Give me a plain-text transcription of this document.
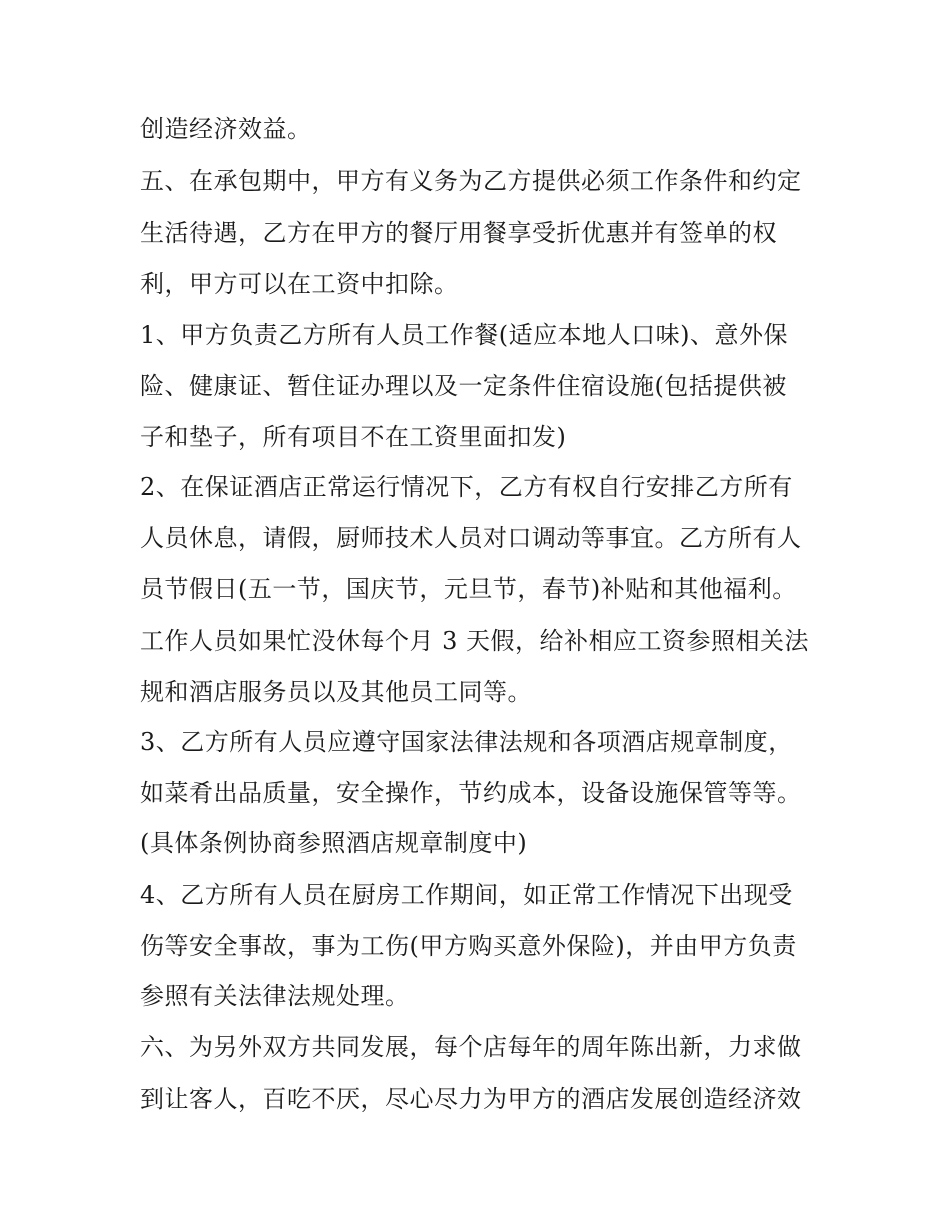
创造经济效益。
五、在承包期中，甲方有义务为乙方提供必须工作条件和约定
生活待遇，乙方在甲方的餐厅用餐享受折优惠并有签单的权
利，甲方可以在工资中扣除。
1、甲方负责乙方所有人员工作餐(适应本地人口味)、意外保
险、健康证、暂住证办理以及一定条件住宿设施(包括提供被
子和垫子，所有项目不在工资里面扣发)
2、在保证酒店正常运行情况下，乙方有权自行安排乙方所有
人员休息，请假，厨师技术人员对口调动等事宜。乙方所有人
员节假日(五一节，国庆节，元旦节，春节)补贴和其他福利。
工作人员如果忙没休每个月 3 天假，给补相应工资参照相关法
规和酒店服务员以及其他员工同等。
3、乙方所有人员应遵守国家法律法规和各项酒店规章制度，
如菜肴出品质量，安全操作，节约成本，设备设施保管等等。
(具体条例协商参照酒店规章制度中)
4、乙方所有人员在厨房工作期间，如正常工作情况下出现受
伤等安全事故，事为工伤(甲方购买意外保险)，并由甲方负责
参照有关法律法规处理。
六、为另外双方共同发展，每个店每年的周年陈出新，力求做
到让客人，百吃不厌，尽心尽力为甲方的酒店发展创造经济效
